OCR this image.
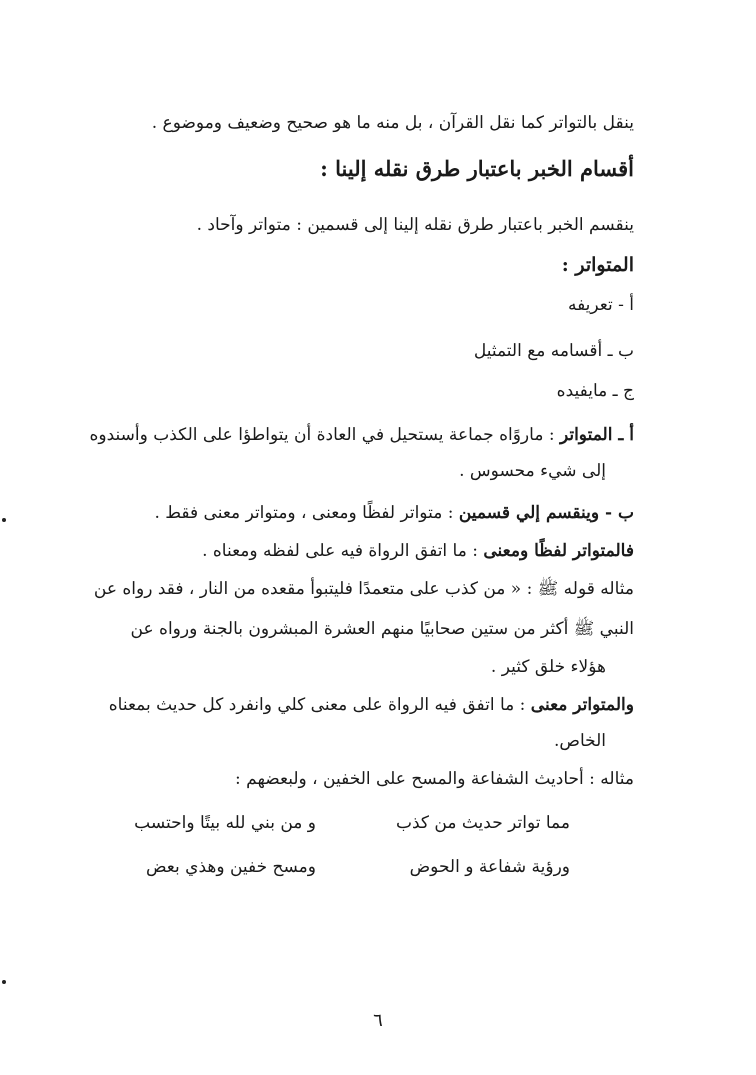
ينقل بالتواتر كما نقل القرآن ، بل منه ما هو صحيح وضعيف وموضوع .
أقسام الخبر باعتبار طرق نقله إلينا :
ينقسم الخبر باعتبار طرق نقله إلينا إلى قسمين : متواتر وآحاد .
المتواتر :
أ - تعريفه
ب ـ أقسامه مع التمثيل
ج ـ مايفيده
أ ـ المتواتر : ماروًاه جماعة يستحيل في العادة أن يتواطؤا على الكذب وأسندوه
إلى شيء محسوس .
ب - وينقسم إلي قسمين : متواتر لفظًا ومعنى ، ومتواتر معنى فقط .
فالمتواتر لفظًا ومعنى : ما اتفق الرواة فيه على لفظه ومعناه .
مثاله قوله ﷺ : « من كذب على متعمدًا فليتبوأ مقعده من النار ، فقد رواه عن
النبي ﷺ أكثر من ستين صحابيًا منهم العشرة المبشرون بالجنة ورواه عن
هؤلاء خلق كثير .
والمتواتر معنى : ما اتفق فيه الرواة على معنى كلي وانفرد كل حديث بمعناه
الخاص.
مثاله : أحاديث الشفاعة والمسح على الخفين ، ولبعضهم :
مما تواتر حديث من كذب
و من بني لله بيتًا واحتسب
ورؤية شفاعة و الحوض
ومسح خفين وهذي بعض
٦
